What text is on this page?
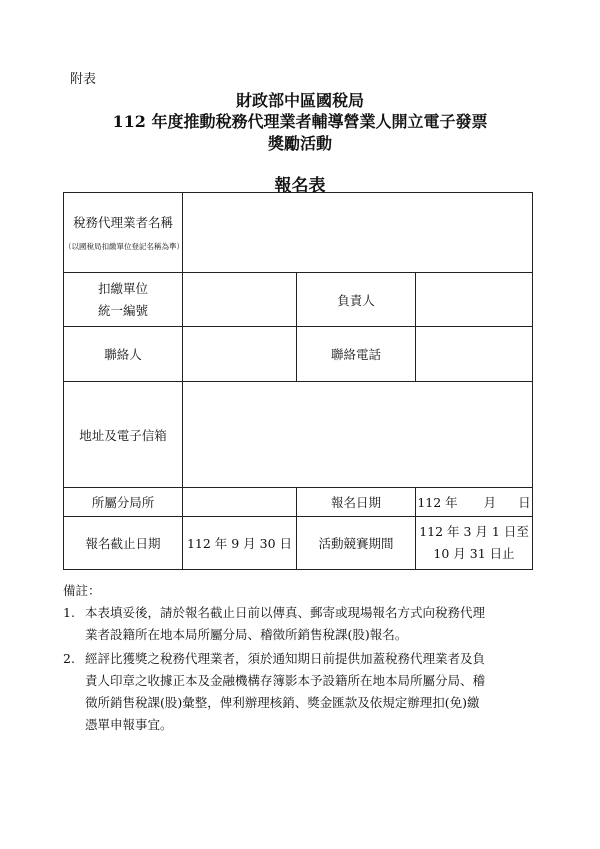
附表
財政部中區國稅局
112 年度推動稅務代理業者輔導營業人開立電子發票
獎勵活動
報名表
稅務代理業者名稱
（以國稅局扣繳單位登記名稱為準）			

扣繳單位
統一編號		負責人	
聯絡人		聯絡電話	
地址及電子信箱			
所屬分局所		報名日期	112 年 月 日
報名截止日期	112 年 9 月 30 日	活動競賽期間	112 年 3 月 1 日至
10 月 31 日止
備註：
1. 本表填妥後，請於報名截止日前以傳真、郵寄或現場報名方式向稅務代理
業者設籍所在地本局所屬分局、稽徵所銷售稅課(股)報名。
2. 經評比獲獎之稅務代理業者，須於通知期日前提供加蓋稅務代理業者及負
責人印章之收據正本及金融機構存簿影本予設籍所在地本局所屬分局、稽
徵所銷售稅課(股)彙整，俾利辦理核銷、獎金匯款及依規定辦理扣(免)繳
憑單申報事宜。
